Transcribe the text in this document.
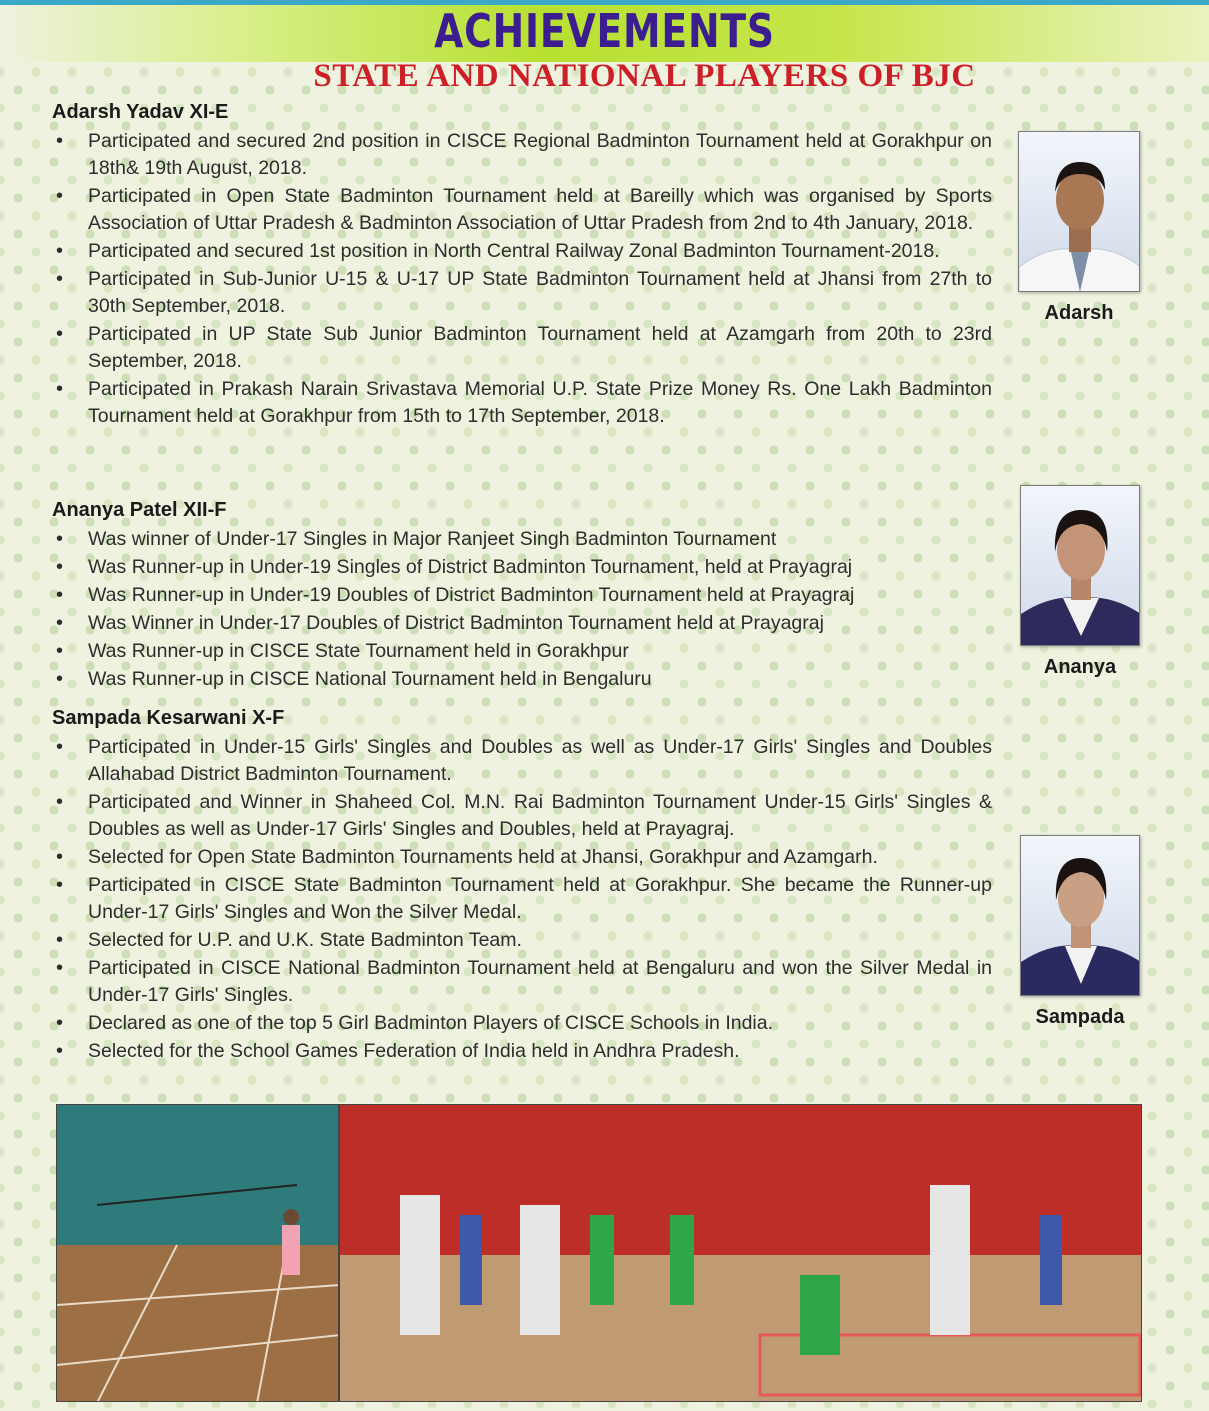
ACHIEVEMENTS
STATE AND NATIONAL PLAYERS OF BJC
Adarsh Yadav XI-E
• Participated and secured 2nd position in CISCE Regional Badminton Tournament held at Gorakhpur on 18th& 19th August, 2018.
• Participated in Open State Badminton Tournament held at Bareilly which was organised by Sports Association of Uttar Pradesh & Badminton Association of Uttar Pradesh from 2nd to 4th January, 2018.
• Participated and secured 1st position in North Central Railway Zonal Badminton Tournament-2018.
• Participated in Sub-Junior U-15 & U-17 UP State Badminton Tournament held at Jhansi from 27th to 30th September, 2018.
• Participated in UP State Sub Junior Badminton Tournament held at Azamgarh from 20th to 23rd September, 2018.
• Participated in Prakash Narain Srivastava Memorial U.P. State Prize Money Rs. One Lakh Badminton Tournament held at Gorakhpur from 15th to 17th September, 2018.
Ananya Patel XII-F
• Was winner of Under-17 Singles in Major Ranjeet Singh Badminton Tournament
• Was Runner-up in Under-19 Singles of District Badminton Tournament, held at Prayagraj
• Was Runner-up in Under-19 Doubles of District Badminton Tournament held at Prayagraj
• Was Winner in Under-17 Doubles of District Badminton Tournament held at Prayagraj
• Was Runner-up in CISCE State Tournament held in Gorakhpur
• Was Runner-up in CISCE National Tournament held in Bengaluru
Sampada Kesarwani X-F
• Participated in Under-15 Girls' Singles and Doubles as well as Under-17 Girls' Singles and Doubles Allahabad District Badminton Tournament.
• Participated and Winner in Shaheed Col. M.N. Rai Badminton Tournament Under-15 Girls' Singles & Doubles as well as Under-17 Girls' Singles and Doubles, held at Prayagraj.
• Selected for Open State Badminton Tournaments held at Jhansi, Gorakhpur and Azamgarh.
• Participated in CISCE State Badminton Tournament held at Gorakhpur. She became the Runner-up Under-17 Girls' Singles and Won the Silver Medal.
• Selected for U.P. and U.K. State Badminton Team.
• Participated in CISCE National Badminton Tournament held at Bengaluru and won the Silver Medal in Under-17 Girls' Singles.
• Declared as one of the top 5 Girl Badminton Players of CISCE Schools in India.
• Selected for the School Games Federation of India held in Andhra Pradesh.
Adarsh
Ananya
Sampada
